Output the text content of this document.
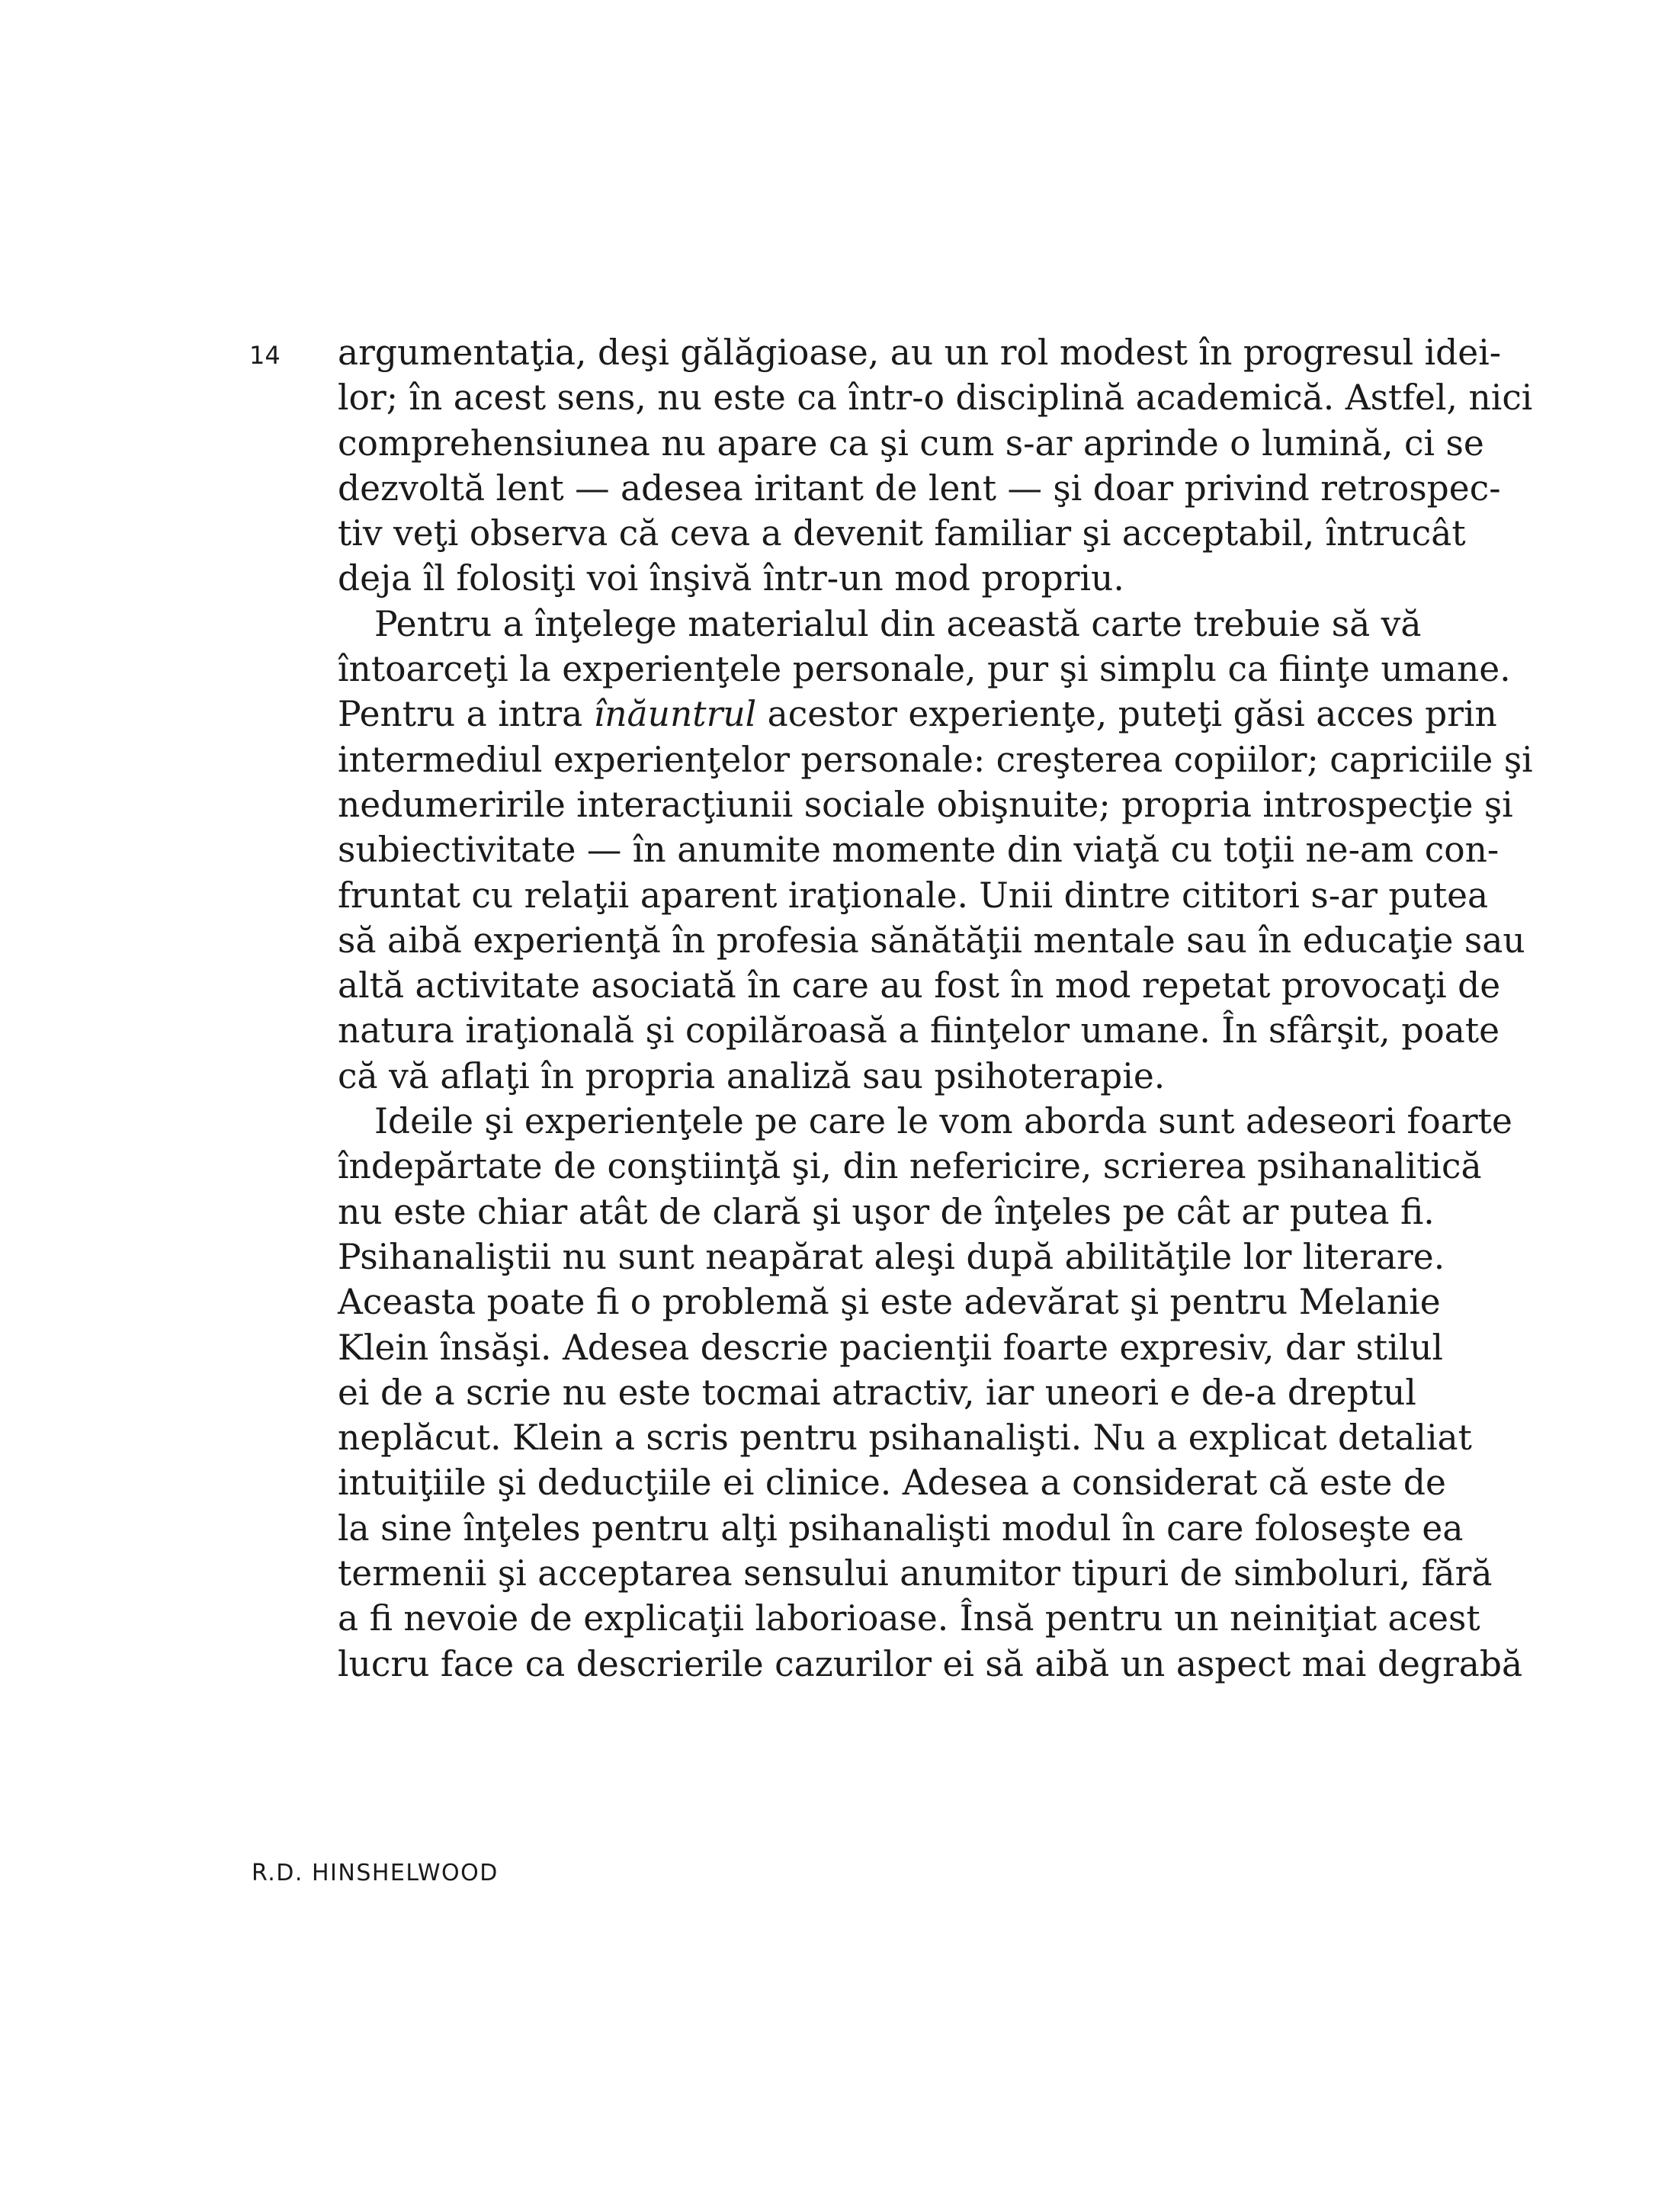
14 argumentaţia, deşi gălăgioase, au un rol modest în progresul idei-
lor; în acest sens, nu este ca într-o disciplină academică. Astfel, nici
comprehensiunea nu apare ca şi cum s-ar aprinde o lumină, ci se
dezvoltă lent — adesea iritant de lent — şi doar privind retrospec-
tiv veţi observa că ceva a devenit familiar şi acceptabil, întrucât
deja îl folosiţi voi înşivă într-un mod propriu.
Pentru a înţelege materialul din această carte trebuie să vă
întoarceţi la experienţele personale, pur şi simplu ca fiinţe umane.
Pentru a intra înăuntrul acestor experienţe, puteţi găsi acces prin
intermediul experienţelor personale: creşterea copiilor; capriciile şi
nedumeririle interacţiunii sociale obişnuite; propria introspecţie şi
subiectivitate — în anumite momente din viaţă cu toţii ne-am con-
fruntat cu relaţii aparent iraţionale. Unii dintre cititori s-ar putea
să aibă experienţă în profesia sănătăţii mentale sau în educaţie sau
altă activitate asociată în care au fost în mod repetat provocaţi de
natura iraţională şi copilăroasă a fiinţelor umane. În sfârşit, poate
că vă aflaţi în propria analiză sau psihoterapie.
Ideile şi experienţele pe care le vom aborda sunt adeseori foarte
îndepărtate de conştiinţă şi, din nefericire, scrierea psihanalitică
nu este chiar atât de clară şi uşor de înţeles pe cât ar putea fi.
Psihanaliştii nu sunt neapărat aleşi după abilităţile lor literare.
Aceasta poate fi o problemă şi este adevărat şi pentru Melanie
Klein însăşi. Adesea descrie pacienţii foarte expresiv, dar stilul
ei de a scrie nu este tocmai atractiv, iar uneori e de-a dreptul
neplăcut. Klein a scris pentru psihanalişti. Nu a explicat detaliat
intuiţiile şi deducţiile ei clinice. Adesea a considerat că este de
la sine înţeles pentru alţi psihanalişti modul în care foloseşte ea
termenii şi acceptarea sensului anumitor tipuri de simboluri, fără
a fi nevoie de explicaţii laborioase. Însă pentru un neiniţiat acest
lucru face ca descrierile cazurilor ei să aibă un aspect mai degrabă
R.D. HINSHELWOOD
